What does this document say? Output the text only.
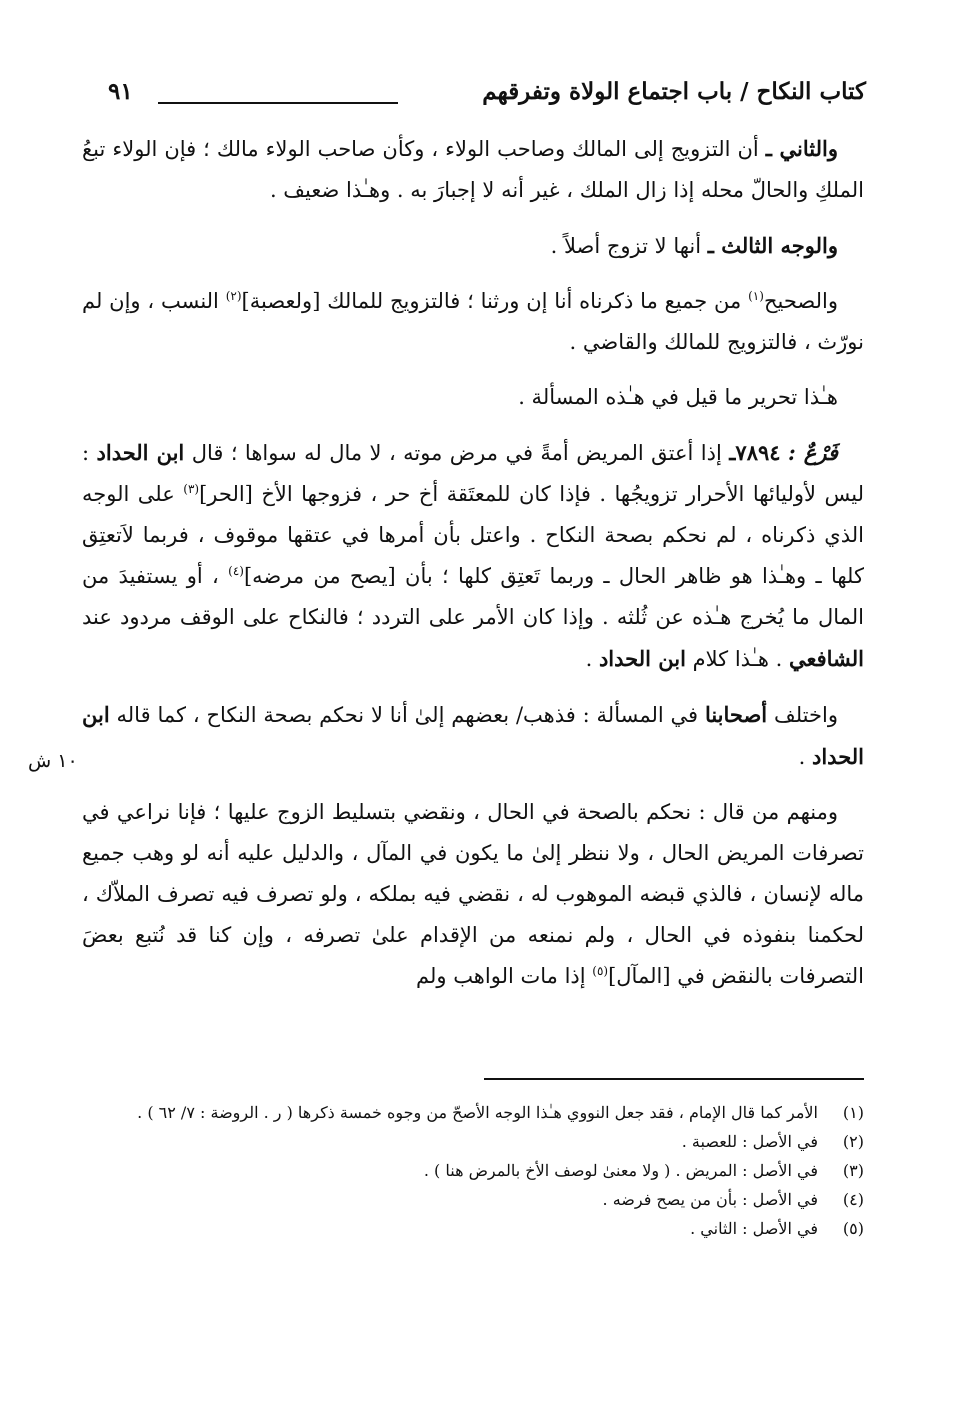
كتاب النكاح / باب اجتماع الولاة وتفرقهم
٩١
١٠ ش

والثاني ـ أن التزويج إلى المالك وصاحب الولاء ، وكأن صاحب الولاء مالك ؛ فإن الولاء تبعُ الملكِ والحالّ محله إذا زال الملك ، غير أنه لا إجبارَ به . وهـٰذا ضعيف .

والوجه الثالث ـ أنها لا تزوج أصلاً .

والصحيح$^{(١)}$ من جميع ما ذكرناه أنا إن ورثنا ؛ فالتزويج للمالك [ولعصبة]$^{(٢)}$ النسب ، وإن لم نورّث ، فالتزويج للمالك والقاضي .

هـٰذا تحرير ما قيل في هـٰذه المسألة .

فَرْعٌ : ٧٨٩٤ـ إذا أعتق المريض أمةً في مرض موته ، لا مال له سواها ؛ قال ابن الحداد : ليس لأوليائها الأحرار تزويجُها . فإذا كان للمعتَقة أخ حر ، فزوجها الأخ [الحر]$^{(٣)}$ على الوجه الذي ذكرناه ، لم نحكم بصحة النكاح . واعتل بأن أمرها في عتقها موقوف ، فربما لاَتعتِق كلها ـ وهـٰذا هو ظاهر الحال ـ وربما تَعتِق كلها ؛ بأن [يصح من مرضه]$^{(٤)}$ ، أو يستفيدَ من المال ما يُخرج هـٰذه عن ثُلثه . وإذا كان الأمر على التردد ؛ فالنكاح على الوقف مردود عند الشافعي . هـٰذا كلام ابن الحداد .

واختلف أصحابنا في المسألة : فذهب/ بعضهم إلىٰ أنا لا نحكم بصحة النكاح ، كما قاله ابن الحداد .

ومنهم من قال : نحكم بالصحة في الحال ، ونقضي بتسليط الزوج عليها ؛ فإنا نراعي في تصرفات المريض الحال ، ولا ننظر إلىٰ ما يكون في المآل ، والدليل عليه أنه لو وهب جميع ماله لإنسان ، فالذي قبضه الموهوب له ، نقضي فيه بملكه ، ولو تصرف فيه تصرف الملاّك ، لحكمنا بنفوذه في الحال ، ولم نمنعه من الإقدام علىٰ تصرفه ، وإن كنا قد نُتبع بعضَ التصرفات بالنقض في [المآل]$^{(٥)}$ إذا مات الواهب ولم

(١)
الأمر كما قال الإمام ، فقد جعل النووي هـٰذا الوجه الأصحّ من وجوه خمسة ذكرها ( ر . الروضة : ٧/ ٦٢ ) .
(٢)
في الأصل : للعصبة .
(٣)
في الأصل : المريض . ( ولا معنىٰ لوصف الأخ بالمرض هنا ) .
(٤)
في الأصل : بأن من يصح فرضه .
(٥)
في الأصل : الثاني .
